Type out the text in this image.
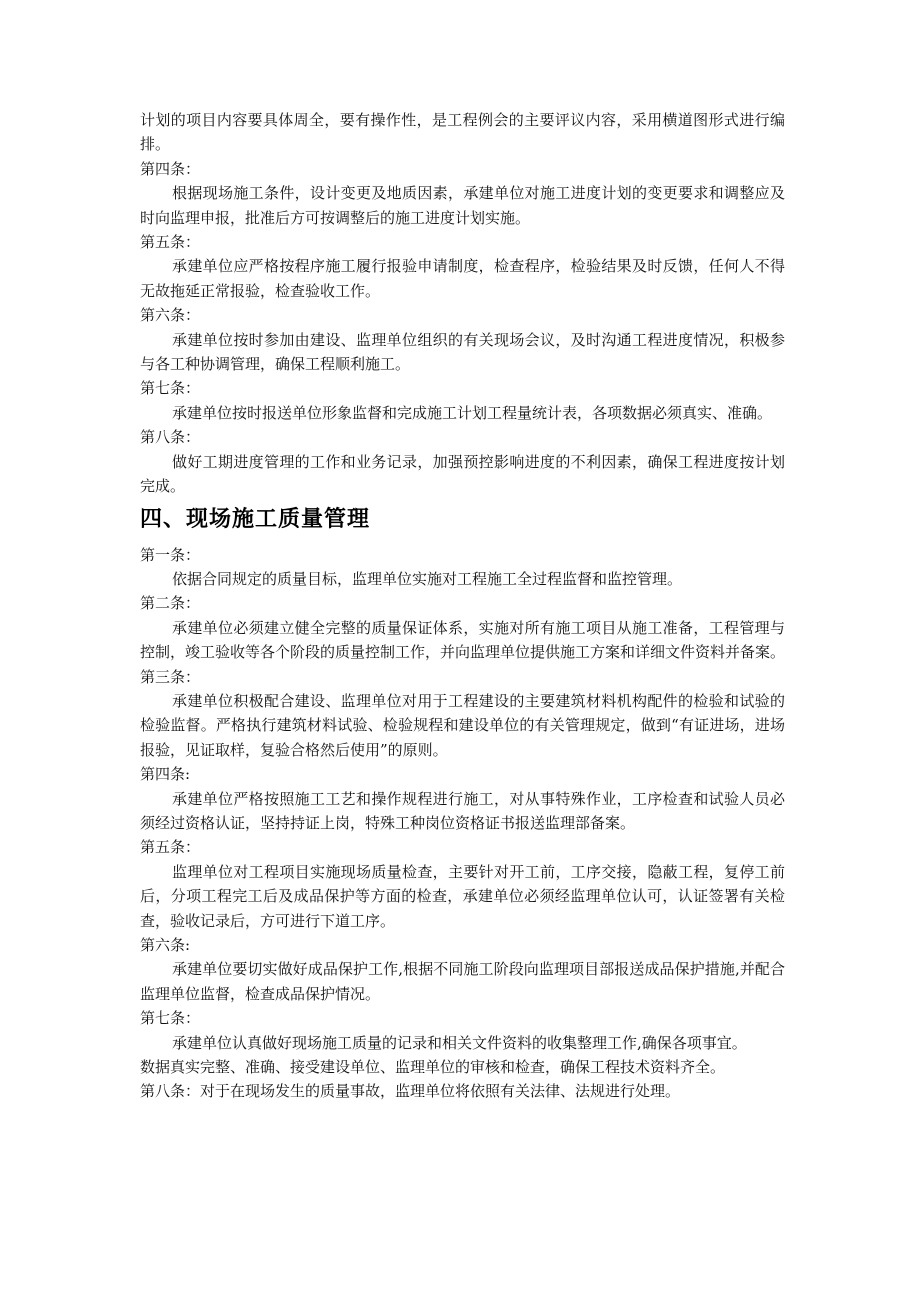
计划的项目内容要具体周全，要有操作性，是工程例会的主要评议内容，采用横道图形式进行编排。

第四条：

根据现场施工条件，设计变更及地质因素，承建单位对施工进度计划的变更要求和调整应及时向监理申报，批准后方可按调整后的施工进度计划实施。

第五条：

承建单位应严格按程序施工履行报验申请制度，检查程序，检验结果及时反馈，任何人不得无故拖延正常报验，检查验收工作。

第六条：

承建单位按时参加由建设、监理单位组织的有关现场会议，及时沟通工程进度情况，积极参与各工种协调管理，确保工程顺利施工。

第七条：

承建单位按时报送单位形象监督和完成施工计划工程量统计表，各项数据必须真实、准确。

第八条：

做好工期进度管理的工作和业务记录，加强预控影响进度的不利因素，确保工程进度按计划完成。

四、现场施工质量管理

第一条：

依据合同规定的质量目标，监理单位实施对工程施工全过程监督和监控管理。

第二条：

承建单位必须建立健全完整的质量保证体系，实施对所有施工项目从施工准备，工程管理与控制，竣工验收等各个阶段的质量控制工作，并向监理单位提供施工方案和详细文件资料并备案。

第三条：

承建单位积极配合建设、监理单位对用于工程建设的主要建筑材料机构配件的检验和试验的检验监督。严格执行建筑材料试验、检验规程和建设单位的有关管理规定，做到“有证进场，进场报验，见证取样，复验合格然后使用”的原则。

第四条:

承建单位严格按照施工工艺和操作规程进行施工，对从事特殊作业，工序检查和试验人员必须经过资格认证，坚持持证上岗，特殊工种岗位资格证书报送监理部备案。

第五条：

监理单位对工程项目实施现场质量检查，主要针对开工前，工序交接，隐蔽工程，复停工前后，分项工程完工后及成品保护等方面的检查，承建单位必须经监理单位认可，认证签署有关检查，验收记录后，方可进行下道工序。

第六条:

承建单位要切实做好成品保护工作,根据不同施工阶段向监理项目部报送成品保护措施,并配合监理单位监督，检查成品保护情况。

第七条：

承建单位认真做好现场施工质量的记录和相关文件资料的收集整理工作,确保各项事宜。

数据真实完整、准确、接受建设单位、监理单位的审核和检查，确保工程技术资料齐全。

第八条：对于在现场发生的质量事故，监理单位将依照有关法律、法规进行处理。
